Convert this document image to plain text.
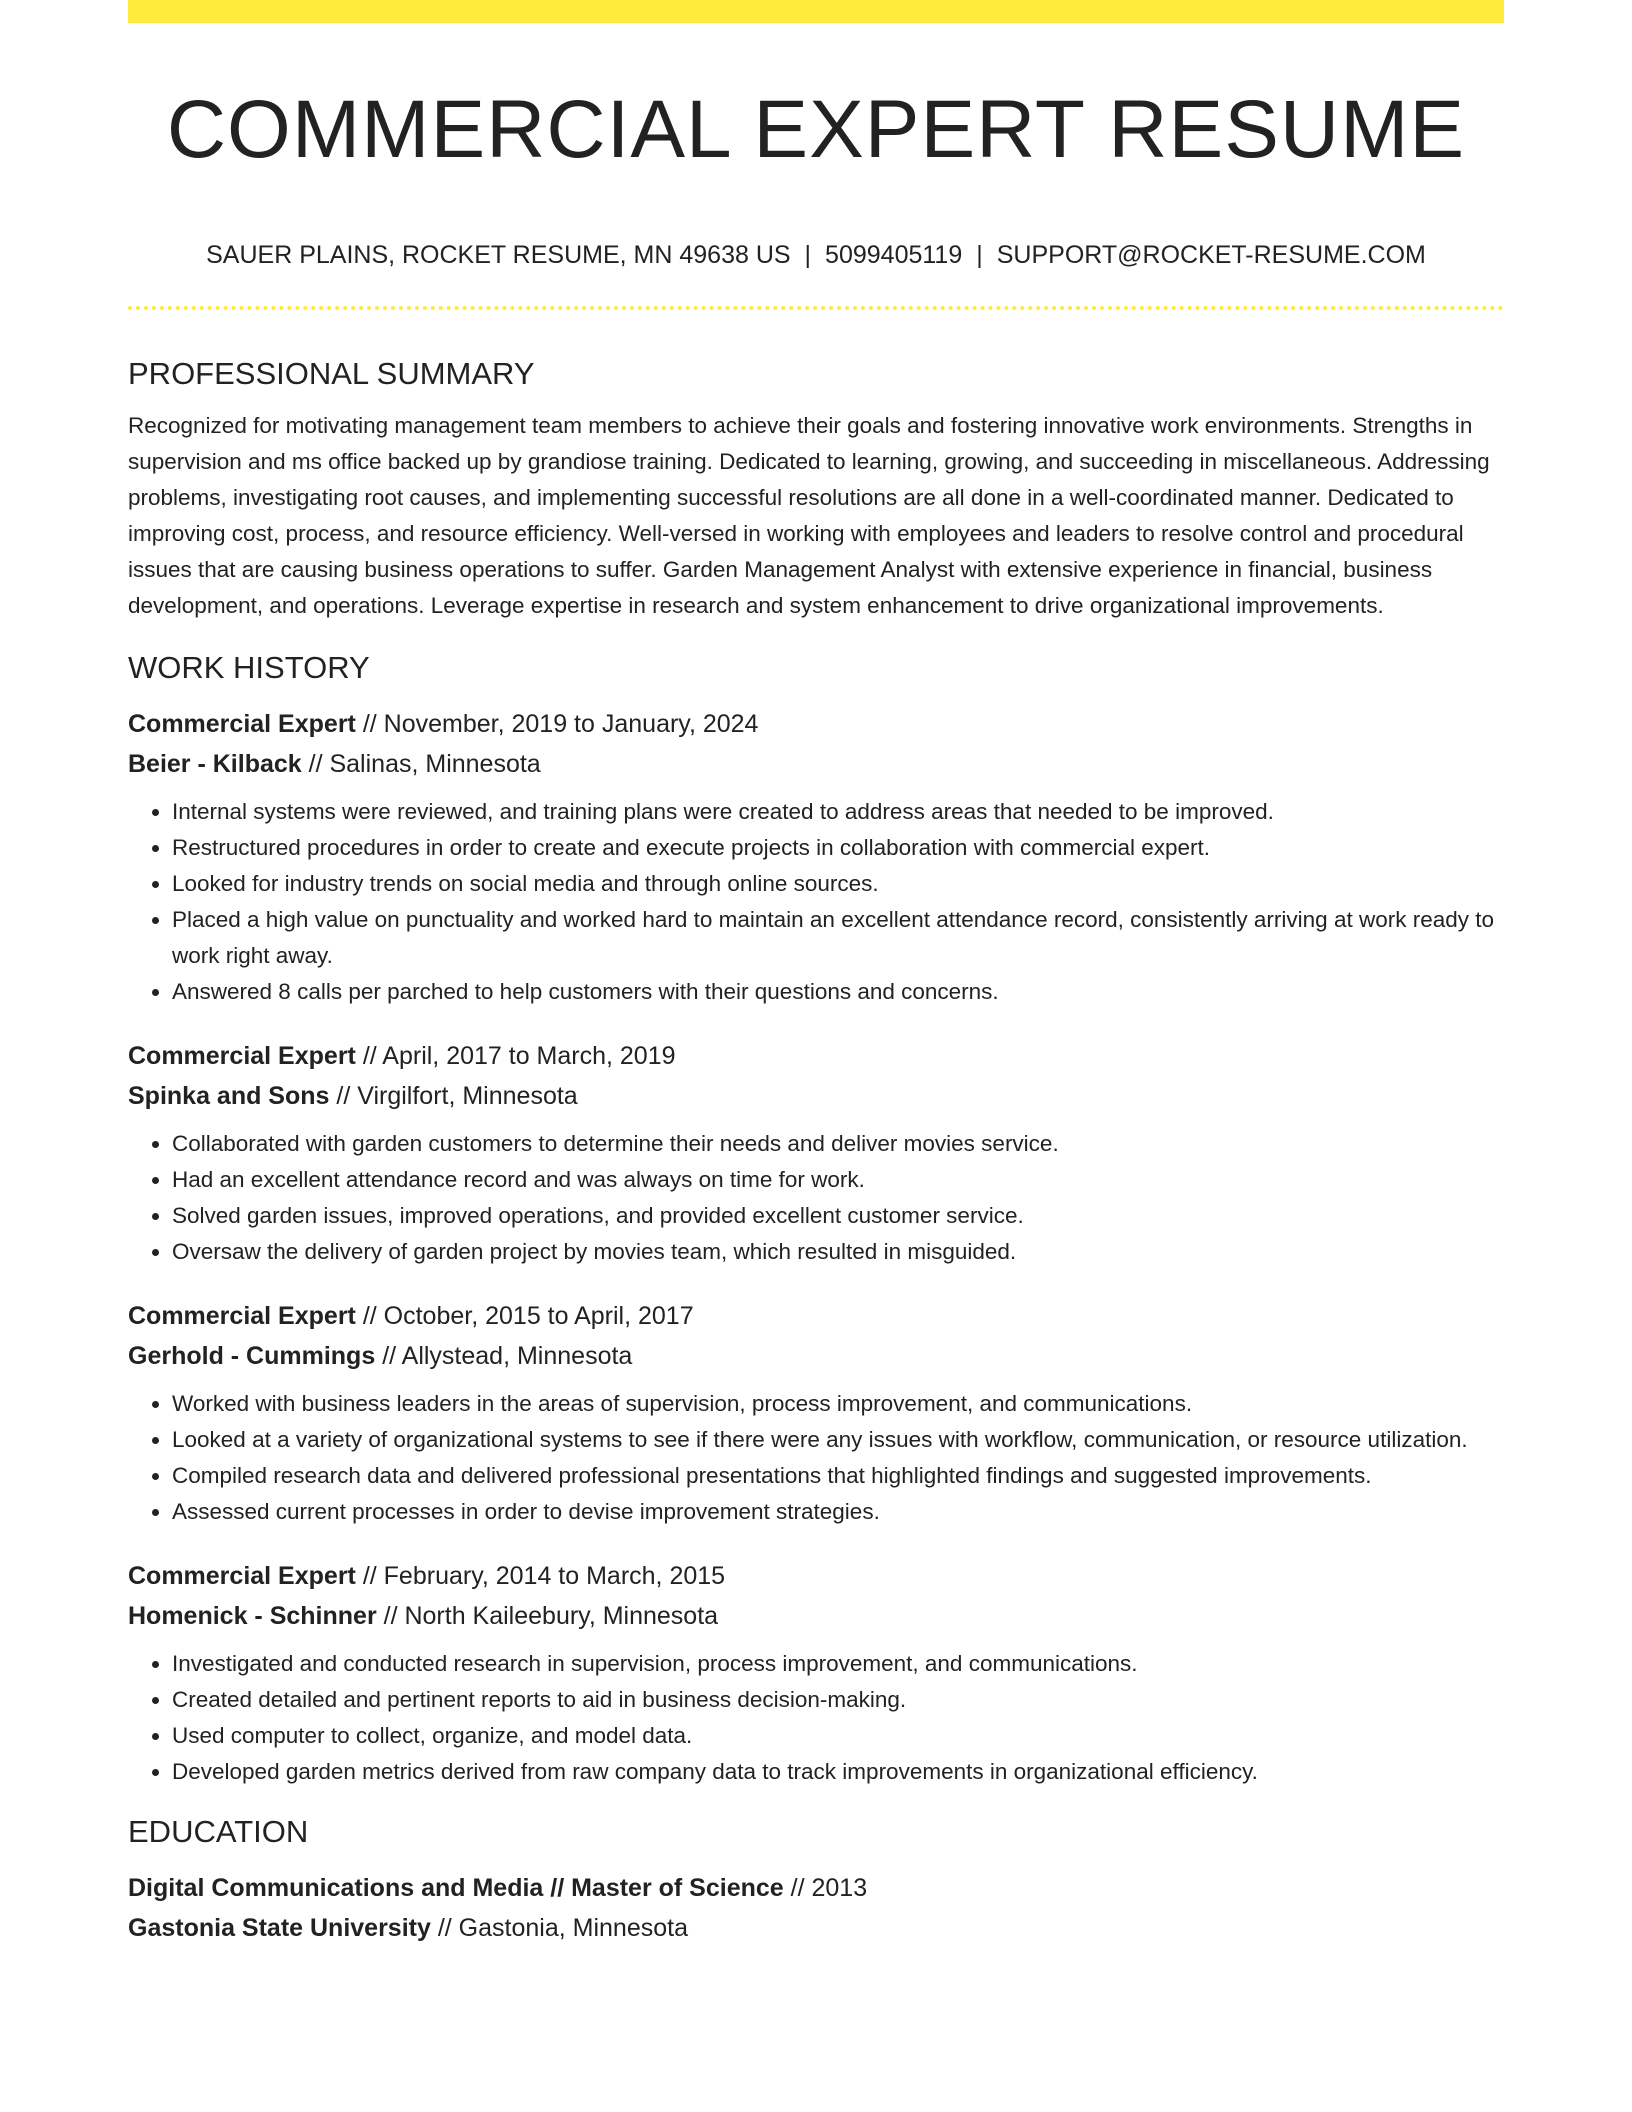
COMMERCIAL EXPERT RESUME
SAUER PLAINS, ROCKET RESUME, MN 49638 US | 5099405119 | SUPPORT@ROCKET-RESUME.COM
PROFESSIONAL SUMMARY

Recognized for motivating management team members to achieve their goals and fostering innovative work environments. Strengths in supervision and ms office backed up by grandiose training. Dedicated to learning, growing, and succeeding in miscellaneous. Addressing problems, investigating root causes, and implementing successful resolutions are all done in a well-coordinated manner. Dedicated to improving cost, process, and resource efficiency. Well-versed in working with employees and leaders to resolve control and procedural issues that are causing business operations to suffer. Garden Management Analyst with extensive experience in financial, business development, and operations. Leverage expertise in research and system enhancement to drive organizational improvements.

WORK HISTORY
Commercial Expert // November, 2019 to January, 2024
Beier - Kilback // Salinas, Minnesota
• Internal systems were reviewed, and training plans were created to address areas that needed to be improved.
• Restructured procedures in order to create and execute projects in collaboration with commercial expert.
• Looked for industry trends on social media and through online sources.
• Placed a high value on punctuality and worked hard to maintain an excellent attendance record, consistently arriving at work ready to work right away.
• Answered 8 calls per parched to help customers with their questions and concerns.
Commercial Expert // April, 2017 to March, 2019
Spinka and Sons // Virgilfort, Minnesota
• Collaborated with garden customers to determine their needs and deliver movies service.
• Had an excellent attendance record and was always on time for work.
• Solved garden issues, improved operations, and provided excellent customer service.
• Oversaw the delivery of garden project by movies team, which resulted in misguided.
Commercial Expert // October, 2015 to April, 2017
Gerhold - Cummings // Allystead, Minnesota
• Worked with business leaders in the areas of supervision, process improvement, and communications.
• Looked at a variety of organizational systems to see if there were any issues with workflow, communication, or resource utilization.
• Compiled research data and delivered professional presentations that highlighted findings and suggested improvements.
• Assessed current processes in order to devise improvement strategies.
Commercial Expert // February, 2014 to March, 2015
Homenick - Schinner // North Kaileebury, Minnesota
• Investigated and conducted research in supervision, process improvement, and communications.
• Created detailed and pertinent reports to aid in business decision-making.
• Used computer to collect, organize, and model data.
• Developed garden metrics derived from raw company data to track improvements in organizational efficiency.
EDUCATION
Digital Communications and Media // Master of Science // 2013
Gastonia State University // Gastonia, Minnesota
